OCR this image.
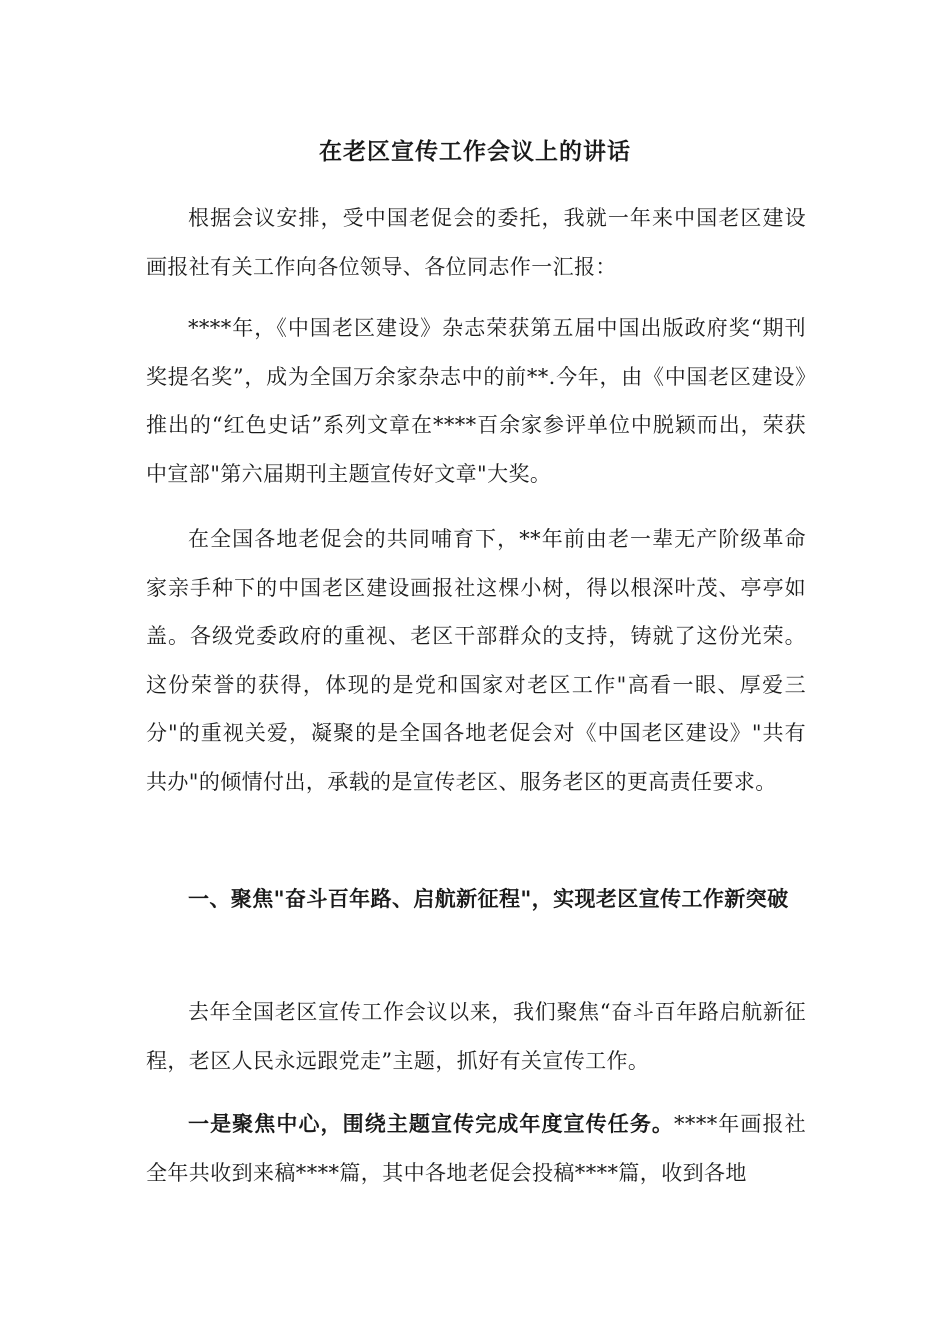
在老区宣传工作会议上的讲话

根据会议安排，受中国老促会的委托，我就一年来中国老区建设画报社有关工作向各位领导、各位同志作一汇报：

****年，《中国老区建设》杂志荣获第五届中国出版政府奖“期刊奖提名奖”，成为全国万余家杂志中的前**.今年，由《中国老区建设》推出的“红色史话”系列文章在****百余家参评单位中脱颖而出，荣获中宣部"第六届期刊主题宣传好文章"大奖。

在全国各地老促会的共同哺育下，**年前由老一辈无产阶级革命家亲手种下的中国老区建设画报社这棵小树，得以根深叶茂、亭亭如盖。各级党委政府的重视、老区干部群众的支持，铸就了这份光荣。这份荣誉的获得，体现的是党和国家对老区工作"高看一眼、厚爱三分"的重视关爱，凝聚的是全国各地老促会对《中国老区建设》"共有共办"的倾情付出，承载的是宣传老区、服务老区的更高责任要求。

一、聚焦"奋斗百年路、启航新征程"，实现老区宣传工作新突破

去年全国老区宣传工作会议以来，我们聚焦“奋斗百年路启航新征程，老区人民永远跟党走”主题，抓好有关宣传工作。

一是聚焦中心，围绕主题宣传完成年度宣传任务。****年画报社全年共收到来稿****篇，其中各地老促会投稿****篇，收到各地
